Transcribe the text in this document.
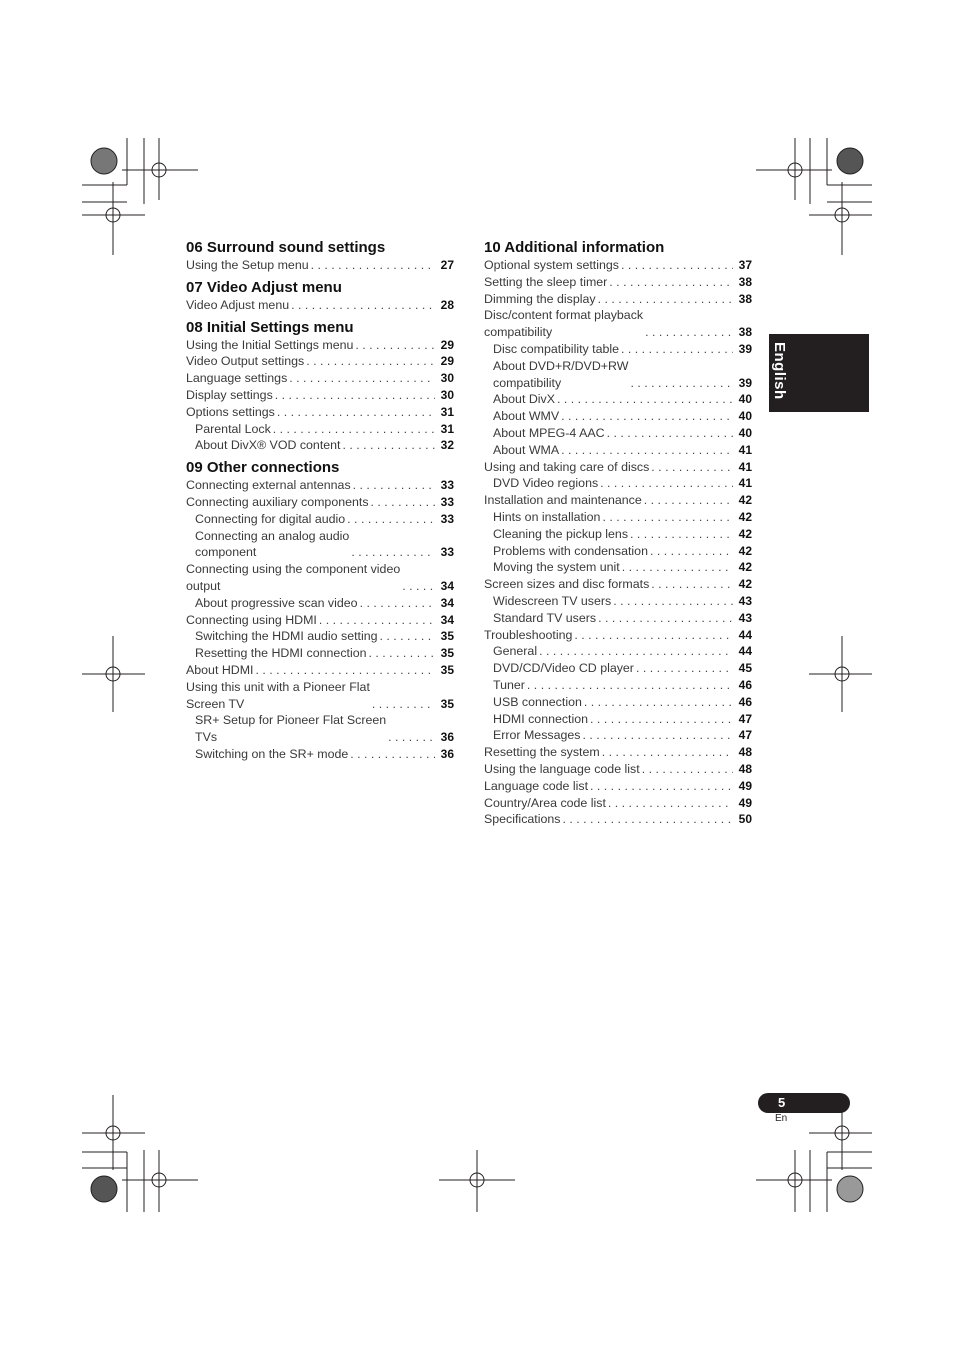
06 Surround sound settings
Using the Setup menu . . .	27
07 Video Adjust menu
Video Adjust menu . . .	28
08 Initial Settings menu
Using the Initial Settings menu . . .	29
Video Output settings . . .	29
Language settings . . .	30
Display settings . . .	30
Options settings . . .	31
Parental Lock . . .	31
About DivX® VOD content . . .	32
09 Other connections
Connecting external antennas . . .	33
Connecting auxiliary components . . .	33
Connecting for digital audio . . .	33
Connecting an analog audio
component . . .	33
Connecting using the component video
output . . .	34
About progressive scan video . . .	34
Connecting using HDMI . . .	34
Switching the HDMI audio setting . . .	35
Resetting the HDMI connection . . .	35
About HDMI . . .	35
Using this unit with a Pioneer Flat
Screen TV . . .	35
SR+ Setup for Pioneer Flat Screen
TVs . . .	36
Switching on the SR+ mode . . .	36
10 Additional information
Optional system settings . . .	37
Setting the sleep timer . . .	38
Dimming the display . . .	38
Disc/content format playback
compatibility . . .	38
Disc compatibility table . . .	39
About DVD+R/DVD+RW
compatibility . . .	39
About DivX . . .	40
About WMV . . .	40
About MPEG-4 AAC . . .	40
About WMA . . .	41
Using and taking care of discs . . .	41
DVD Video regions . . .	41
Installation and maintenance . . .	42
Hints on installation . . .	42
Cleaning the pickup lens . . .	42
Problems with condensation . . .	42
Moving the system unit . . .	42
Screen sizes and disc formats . . .	42
Widescreen TV users . . .	43
Standard TV users . . .	43
Troubleshooting . . .	44
General . . .	44
DVD/CD/Video CD player . . .	45
Tuner . . .	46
USB connection . . .	46
HDMI connection . . .	47
Error Messages . . .	47
Resetting the system . . .	48
Using the language code list . . .	48
Language code list . . .	49
Country/Area code list . . .	49
Specifications . . .	50
English
5
En
